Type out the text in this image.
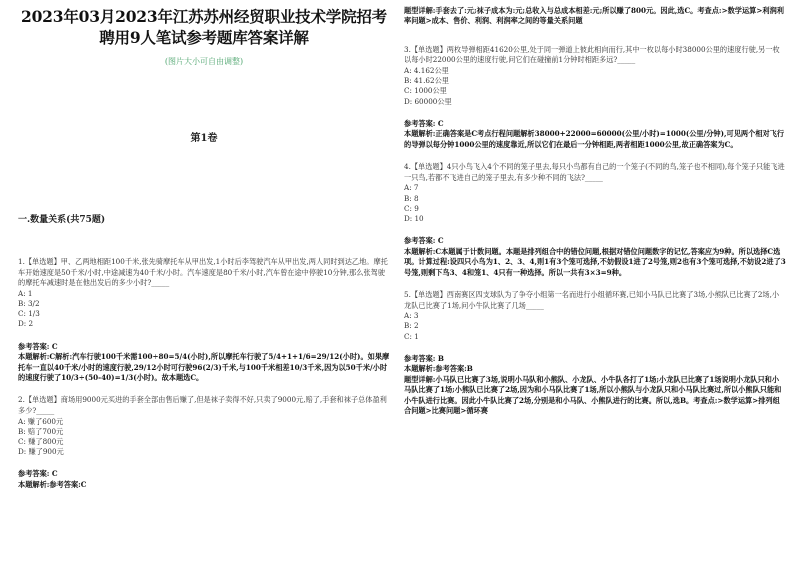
2023年03月2023年江苏苏州经贸职业技术学院招考
聘用9人笔试参考题库答案详解
(图片大小可自由调整)
第1卷
一.数量关系(共75题)
1.【单选题】甲、乙两地相距100千米,张先骑摩托车从甲出发,1小时后李驾驶汽车从甲出发,两人同时到达乙地。摩托车开始速度是50千米/小时,中途减速为40千米/小时。汽车速度是80千米/小时,汽车曾在途中停驶10分钟,那么张驾驶的摩托车减速时是在他出发后的多少小时?_____
A: 1
B: 3/2
C: 1/3
D: 2
参考答案: C
本题解析:C解析:汽车行驶100千米需100÷80=5/4(小时),所以摩托车行驶了5/4+1+1/6=29/12(小时)。如果摩托车一直以40千米/小时的速度行驶,29/12小时可行驶96(2/3)千米,与100千米相差10/3千米,因为以50千米/小时的速度行驶了10/3÷(50-40)=1/3(小时)。故本题选C。
2.【单选题】商场用9000元买进的手套全部由售后赚了,但是袜子卖得不好,只卖了9000元,赔了,手套和袜子总体盈利多少?_____
A: 赚了600元
B: 赔了700元
C: 赚了800元
D: 赚了900元
参考答案: C
本题解析:参考答案:C
题型详解:手套去了:元;袜子成本为:元;总收入与总成本相差:元;所以赚了800元。因此,选C。考查点:>数学运算>利润利率问题>成本、售价、利润、利润率之间的等量关系问题
3.【单选题】两枚导弹相距41620公里,处于同一弹道上彼此相向而行,其中一枚以每小时38000公里的速度行驶,另一枚以每小时22000公里的速度行驶,问它们在碰撞前1分钟时相距多远?_____
A: 4.162公里
B: 41.62公里
C: 1000公里
D: 60000公里
参考答案: C
本题解析:正确答案是C考点行程问题解析38000+22000=60000(公里/小时)=1000(公里/分钟),可见两个相对飞行的导弹以每分钟1000公里的速度靠近,所以它们在最后一分钟相距,两者相距1000公里,故正确答案为C。
4.【单选题】4只小鸟飞入4个不同的笼子里去,每只小鸟都有自己的一个笼子(不同的鸟,笼子也不相同),每个笼子只能飞进一只鸟,若都不飞进自己的笼子里去,有多少种不同的飞法?_____
A: 7
B: 8
C: 9
D: 10
参考答案: C
本题解析:C本题属于计数问题。本题是排列组合中的错位问题,根据对错位问题数字的记忆,答案应为9种。所以选择C选项。计算过程:设四只小鸟为1、2、3、4,则1有3个笼可选择,不妨假设1进了2号笼,则2也有3个笼可选择,不妨设2进了3号笼,则剩下鸟3、4和笼1、4只有一种选择。所以一共有3×3=9种。
5.【单选题】西南赛区四支球队为了争夺小组第一名而进行小组循环赛,已知小马队已比赛了3场,小熊队已比赛了2场,小龙队已比赛了1场,问小牛队比赛了几场_____
A: 3
B: 2
C: 1
参考答案: B
本题解析:参考答案:B
题型详解:小马队已比赛了3场,说明小马队和小熊队、小龙队、小牛队各打了1场;小龙队已比赛了1场说明小龙队只和小马队比赛了1场;小熊队已比赛了2场,因为和小马队比赛了1场,所以小熊队与小龙队只和小马队比赛过,所以小熊队只能和小牛队进行比赛。因此小牛队比赛了2场,分别是和小马队、小熊队进行的比赛。所以,选B。考查点:>数学运算>排列组合问题>比赛问题>循环赛
